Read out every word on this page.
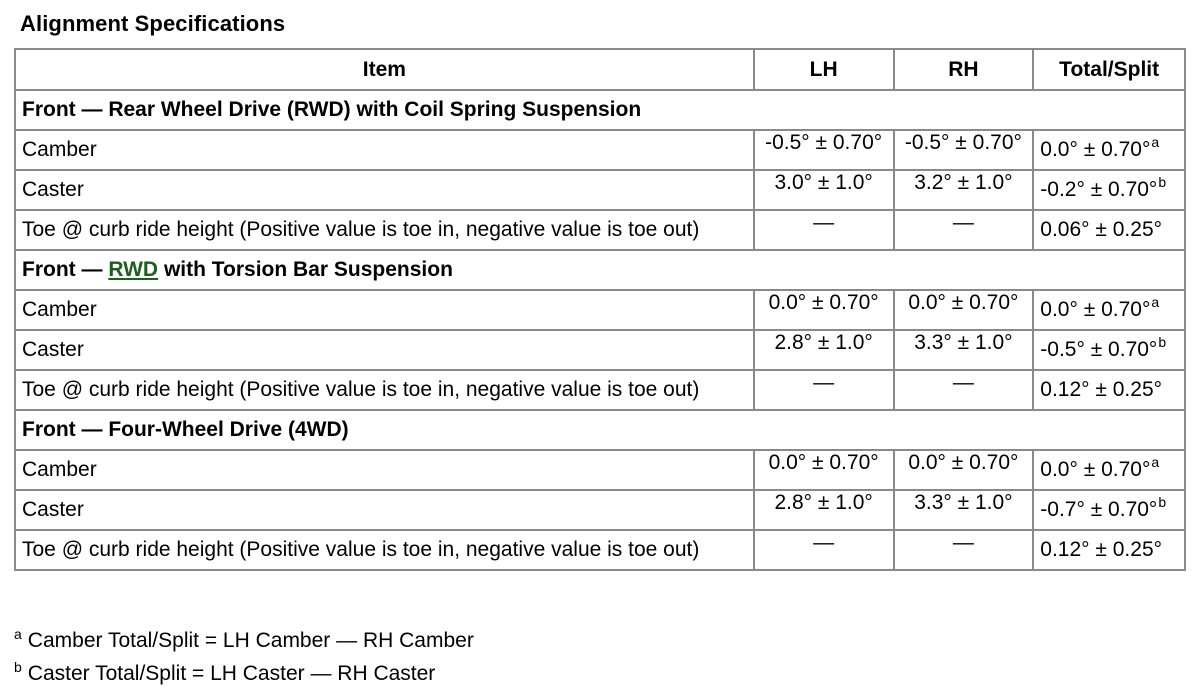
Alignment Specifications
Item	LH	RH	Total/Split
Front — Rear Wheel Drive (RWD) with Coil Spring Suspension			
Camber	-0.5° ± 0.70°	-0.5° ± 0.70°	0.0° ± 0.70°$^a$
Caster	3.0° ± 1.0°	3.2° ± 1.0°	-0.2° ± 0.70°$^b$
Toe @ curb ride height (Positive value is toe in, negative value is toe out)	—	—	0.06° ± 0.25°
Front — RWD with Torsion Bar Suspension			
Camber	0.0° ± 0.70°	0.0° ± 0.70°	0.0° ± 0.70°$^a$
Caster	2.8° ± 1.0°	3.3° ± 1.0°	-0.5° ± 0.70°$^b$
Toe @ curb ride height (Positive value is toe in, negative value is toe out)	—	—	0.12° ± 0.25°
Front — Four-Wheel Drive (4WD)			
Camber	0.0° ± 0.70°	0.0° ± 0.70°	0.0° ± 0.70°$^a$
Caster	2.8° ± 1.0°	3.3° ± 1.0°	-0.7° ± 0.70°$^b$
Toe @ curb ride height (Positive value is toe in, negative value is toe out)	—	—	0.12° ± 0.25°
$^a$ Camber Total/Split = LH Camber — RH Camber
$^b$ Caster Total/Split = LH Caster — RH Caster
